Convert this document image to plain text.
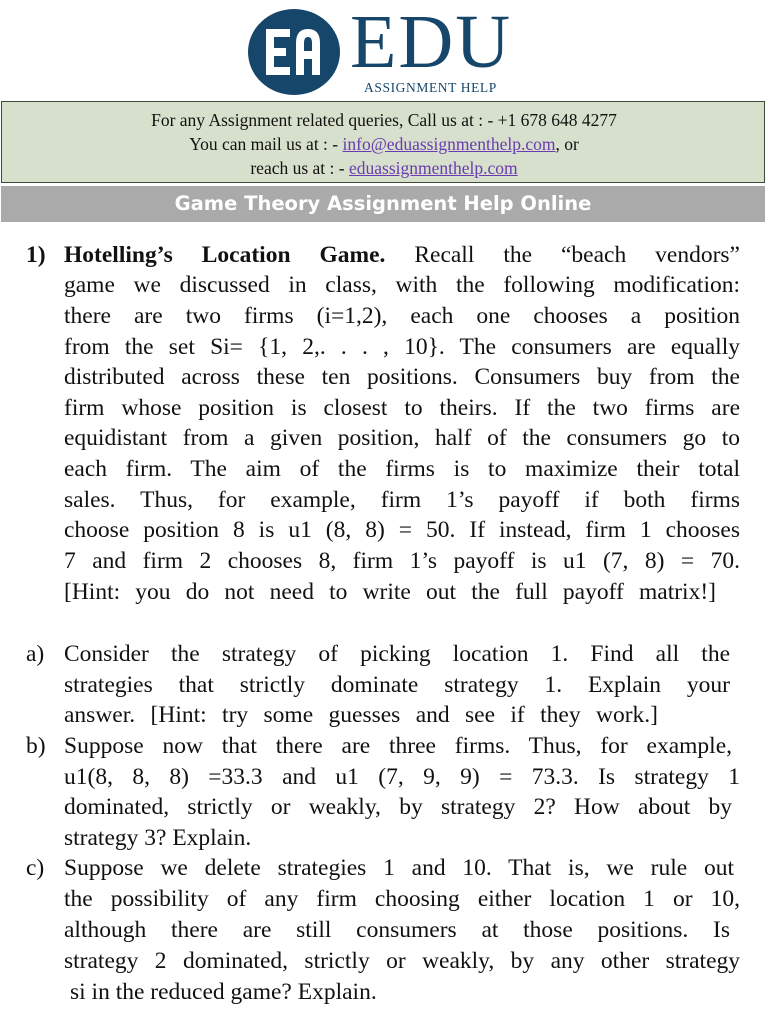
EDU
ASSIGNMENT HELP
For any Assignment related queries, Call us at : - +1 678 648 4277
You can mail us at : - info@eduassignmenthelp.com, or
reach us at : - eduassignmenthelp.com
Game Theory Assignment Help Online
1) Hotelling’s Location Game. Recall the “beach vendors”
game we discussed in class, with the following modification:
there are two firms (i=1,2), each one chooses a position
from the set Si= {1, 2,. . . , 10}. The consumers are equally
distributed across these ten positions. Consumers buy from the
firm whose position is closest to theirs. If the two firms are
equidistant from a given position, half of the consumers go to
each firm. The aim of the firms is to maximize their total
sales. Thus, for example, firm 1’s payoff if both firms
choose position 8 is u1 (8, 8) = 50. If instead, firm 1 chooses
7 and firm 2 chooses 8, firm 1’s payoff is u1 (7, 8) = 70.
[Hint: you do not need to write out the full payoff matrix!]
a) Consider the strategy of picking location 1. Find all the
strategies that strictly dominate strategy 1. Explain your
answer. [Hint: try some guesses and see if they work.]
b) Suppose now that there are three firms. Thus, for example,
u1(8, 8, 8) =33.3 and u1 (7, 9, 9) = 73.3. Is strategy 1
dominated, strictly or weakly, by strategy 2? How about by
strategy 3? Explain.
c) Suppose we delete strategies 1 and 10. That is, we rule out
the possibility of any firm choosing either location 1 or 10,
although there are still consumers at those positions. Is
strategy 2 dominated, strictly or weakly, by any other strategy
si in the reduced game? Explain.
